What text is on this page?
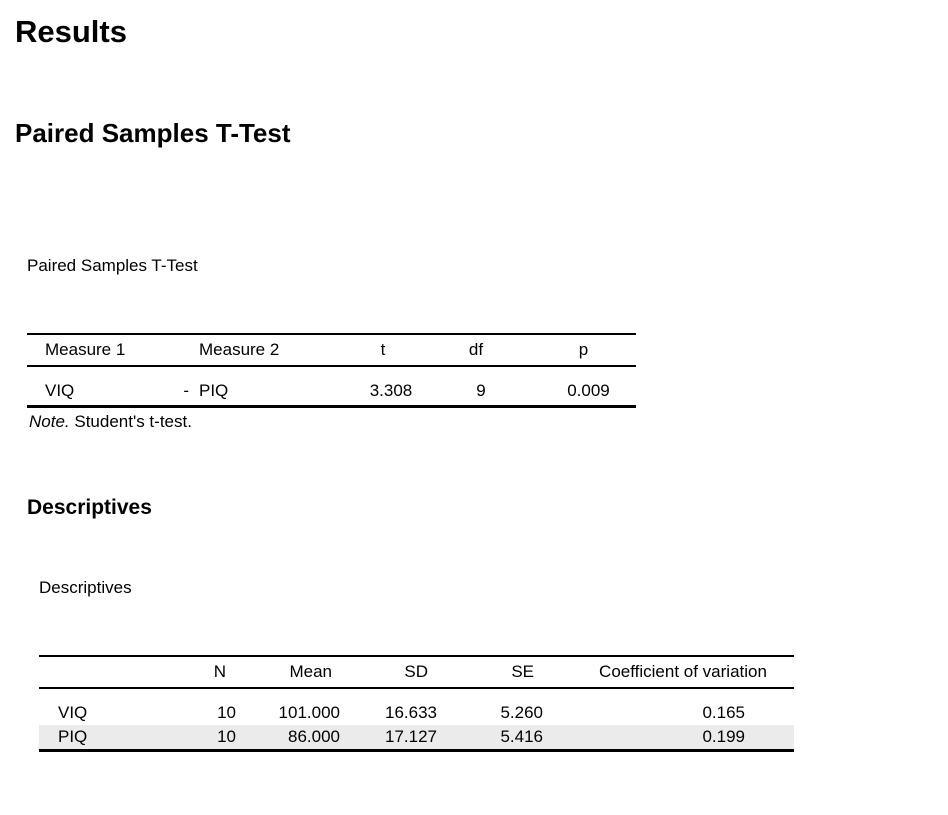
Results
Paired Samples T-Test
Paired Samples T-Test
Measure 1		Measure 2	t	df	p

VIQ	-	PIQ	3.308	9	0.009
Note. Student's t-test.
Descriptives
Descriptives
	N	Mean	SD	SE	Coefficient of variation

VIQ	10	101.000	16.633	5.260	0.165
PIQ	10	86.000	17.127	5.416	0.199
